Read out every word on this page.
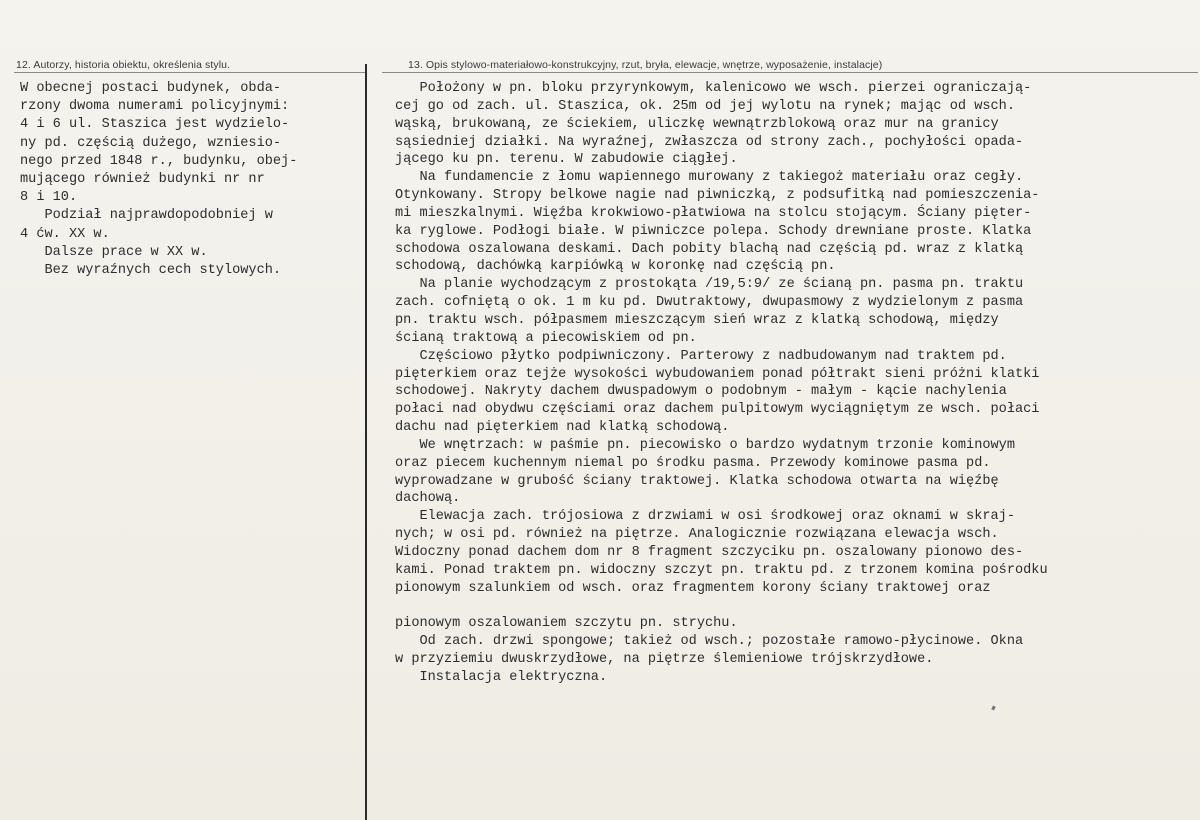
12. Autorzy, historia obiektu, określenia stylu.	13. Opis stylowo-materiałowo-konstrukcyjny, rzut, bryła, elewacje, wnętrze, wyposażenie, instalacje)
W obecnej postaci budynek, obda-
rzony dwoma numerami policyjnymi:
4 i 6 ul. Staszica jest wydzielo-
ny pd. częścią dużego, wzniesio-
nego przed 1848 r., budynku, obej-
mującego również budynki nr nr
8 i 10.
Podział najprawdopodobniej w
4 ćw. XX w.
Dalsze prace w XX w.
Bez wyraźnych cech stylowych.
Położony w pn. bloku przyrynkowym, kalenicowo we wsch. pierzei ograniczają-
cej go od zach. ul. Staszica, ok. 25m od jej wylotu na rynek; mając od wsch.
wąską, brukowaną, ze ściekiem, uliczkę wewnątrzblokową oraz mur na granicy
sąsiedniej działki. Na wyraźnej, zwłaszcza od strony zach., pochyłości opada-
jącego ku pn. terenu. W zabudowie ciągłej.
Na fundamencie z łomu wapiennego murowany z takiegoż materiału oraz cegły.
Otynkowany. Stropy belkowe nagie nad piwniczką, z podsufitką nad pomieszczenia-
mi mieszkalnymi. Więźba krokwiowo-płatwiowa na stolcu stojącym. Ściany pięter-
ka ryglowe. Podłogi białe. W piwniczce polepa. Schody drewniane proste. Klatka
schodowa oszalowana deskami. Dach pobity blachą nad częścią pd. wraz z klatką
schodową, dachówką karpiówką w koronkę nad częścią pn.
Na planie wychodzącym z prostokąta /19,5:9/ ze ścianą pn. pasma pn. traktu
zach. cofniętą o ok. 1 m ku pd. Dwutraktowy, dwupasmowy z wydzielonym z pasma
pn. traktu wsch. półpasmem mieszczącym sień wraz z klatką schodową, między
ścianą traktową a piecowiskiem od pn.
Częściowo płytko podpiwniczony. Parterowy z nadbudowanym nad traktem pd.
pięterkiem oraz tejże wysokości wybudowaniem ponad półtrakt sieni próżni klatki
schodowej. Nakryty dachem dwuspadowym o podobnym - małym - kącie nachylenia
połaci nad obydwu częściami oraz dachem pulpitowym wyciągniętym ze wsch. połaci
dachu nad pięterkiem nad klatką schodową.
We wnętrzach: w paśmie pn. piecowisko o bardzo wydatnym trzonie kominowym
oraz piecem kuchennym niemal po środku pasma. Przewody kominowe pasma pd.
wyprowadzane w grubość ściany traktowej. Klatka schodowa otwarta na więźbę
dachową.
Elewacja zach. trójosiowa z drzwiami w osi środkowej oraz oknami w skraj-
nych; w osi pd. również na piętrze. Analogicznie rozwiązana elewacja wsch.
Widoczny ponad dachem dom nr 8 fragment szczyciku pn. oszalowany pionowo des-
kami. Ponad traktem pn. widoczny szczyt pn. traktu pd. z trzonem komina pośrodku
pionowym szalunkiem od wsch. oraz fragmentem korony ściany traktowej oraz

pionowym oszalowaniem szczytu pn. strychu.
Od zach. drzwi spongowe; takież od wsch.; pozostałe ramowo-płycinowe. Okna
w przyziemiu dwuskrzydłowe, na piętrze ślemieniowe trójskrzydłowe.
Instalacja elektryczna.
